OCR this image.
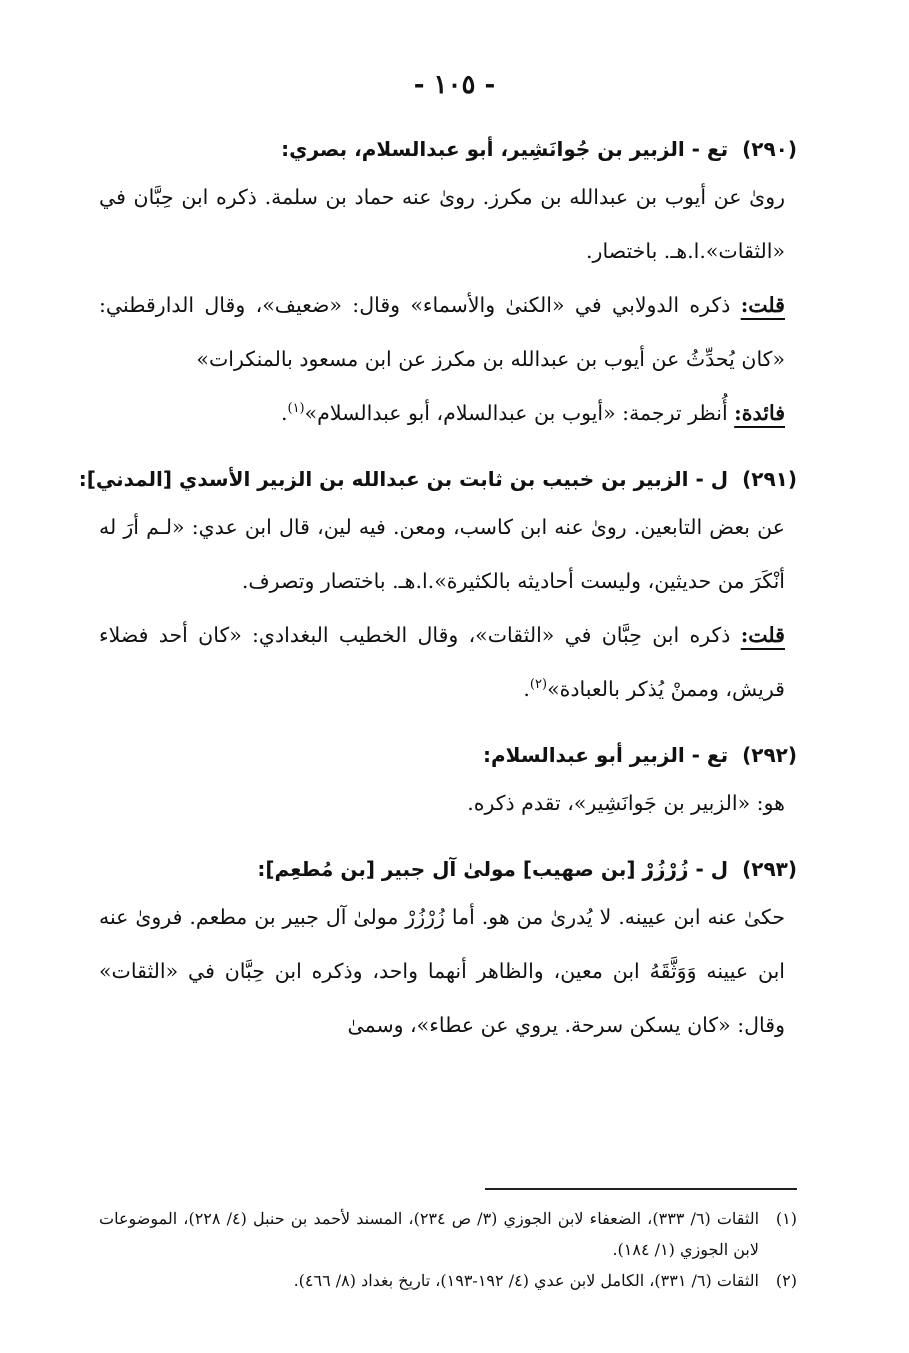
- ١٠٥ -
(٢٩٠)تع - الزبير بن جُوانَشِير، أبو عبدالسلام، بصري:
روىٰ عن أيوب بن عبدالله بن مكرز. روىٰ عنه حماد بن سلمة. ذكره ابن حِبَّان في «الثقات».ا.هـ. باختصار.
قلت: ذكره الدولابي في «الكنىٰ والأسماء» وقال: «ضعيف»، وقال الدارقطني: «كان يُحدِّثُ عن أيوب بن عبدالله بن مكرز عن ابن مسعود بالمنكرات»
فائدة: أُنظر ترجمة: «أيوب بن عبدالسلام، أبو عبدالسلام»$^{(١)}$.
(٢٩١)ل - الزبير بن خبيب بن ثابت بن عبدالله بن الزبير الأسدي [المدني]:
عن بعض التابعين. روىٰ عنه ابن كاسب، ومعن. فيه لين، قال ابن عدي: «لـم أرَ له أنْكَرَ من حديثين، وليست أحاديثه بالكثيرة».ا.هـ. باختصار وتصرف.
قلت: ذكره ابن حِبَّان في «الثقات»، وقال الخطيب البغدادي: «كان أحد فضلاء قريش، وممنْ يُذكر بالعبادة»$^{(٢)}$.
(٢٩٢)تع - الزبير أبو عبدالسلام:
هو: «الزبير بن جَوانَشِير»، تقدم ذكره.
(٢٩٣)ل - زُرْزُرْ [بن صهيب] مولىٰ آل جبير [بن مُطعِم]:
حكىٰ عنه ابن عيينه. لا يُدرىٰ من هو. أما زُرْزُرْ مولىٰ آل جبير بن مطعم. فروىٰ عنه ابن عيينه وَوَثَّقَهُ ابن معين، والظاهر أنهما واحد، وذكره ابن حِبَّان في «الثقات» وقال: «كان يسكن سرحة. يروي عن عطاء»، وسمىٰ
(١)
الثقات (٦/ ٣٣٣)، الضعفاء لابن الجوزي (٣/ ص ٢٣٤)، المسند لأحمد بن حنبل (٤/ ٢٢٨)، الموضوعات لابن الجوزي (١/ ١٨٤).
(٢)
الثقات (٦/ ٣٣١)، الكامل لابن عدي (٤/ ١٩٢-١٩٣)، تاريخ بغداد (٨/ ٤٦٦).
